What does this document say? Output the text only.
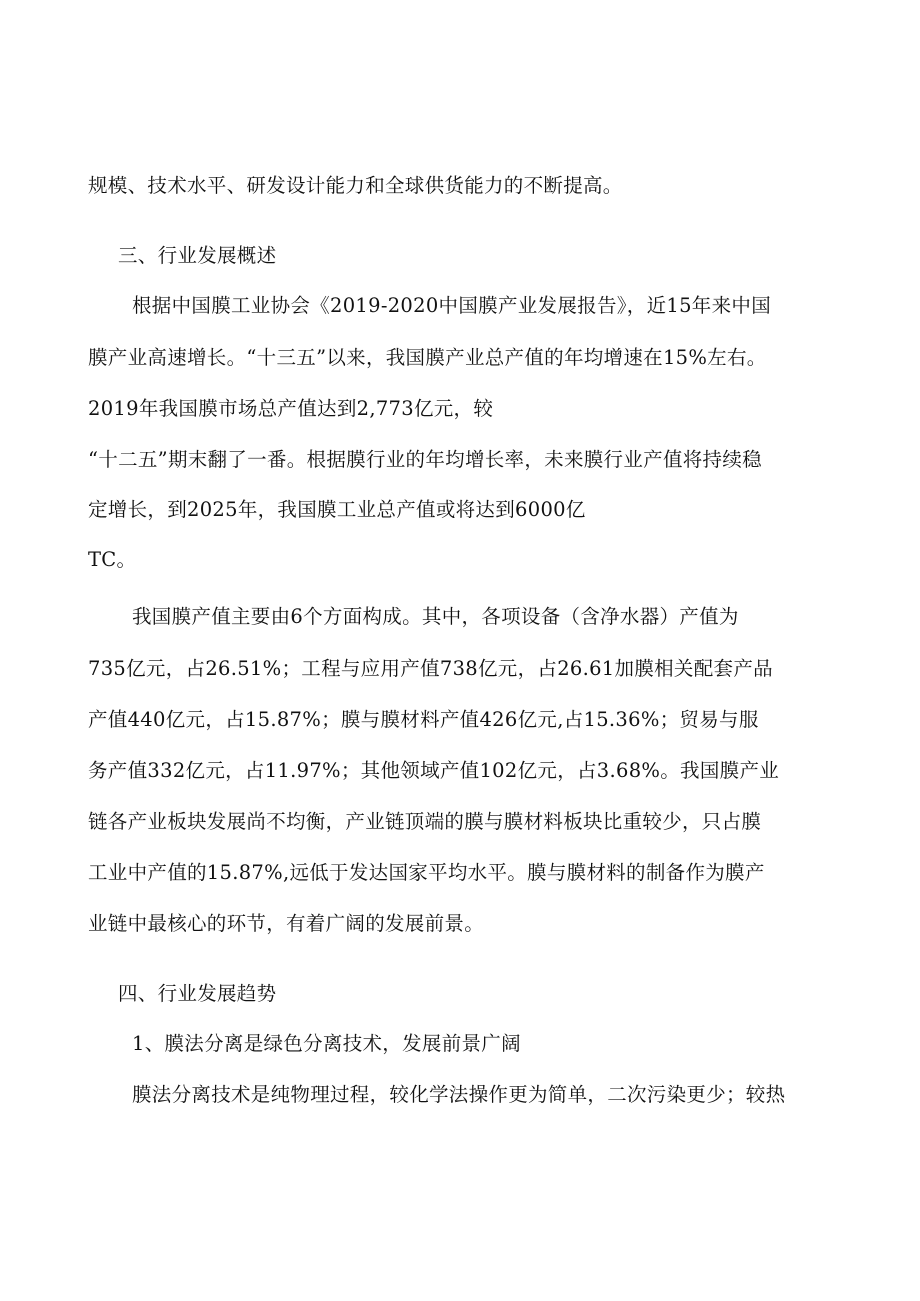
规模、技术水平、研发设计能力和全球供货能力的不断提高。
三、行业发展概述
根据中国膜工业协会《2019-2020中国膜产业发展报告》，近15年来中国
膜产业高速增长。“十三五”以来，我国膜产业总产值的年均增速在15%左右。
2019年我国膜市场总产值达到2,773亿元，较
“十二五”期末翻了一番。根据膜行业的年均增长率，未来膜行业产值将持续稳
定增长，到2025年，我国膜工业总产值或将达到6000亿
TC。
我国膜产值主要由6个方面构成。其中，各项设备（含净水器）产值为
735亿元，占26.51%；工程与应用产值738亿元，占26.61加膜相关配套产品
产值440亿元，占15.87%；膜与膜材料产值426亿元,占15.36%；贸易与服
务产值332亿元，占11.97%；其他领域产值102亿元，占3.68%。我国膜产业
链各产业板块发展尚不均衡，产业链顶端的膜与膜材料板块比重较少，只占膜
工业中产值的15.87%,远低于发达国家平均水平。膜与膜材料的制备作为膜产
业链中最核心的环节，有着广阔的发展前景。
四、行业发展趋势
1、膜法分离是绿色分离技术，发展前景广阔
膜法分离技术是纯物理过程，较化学法操作更为简单，二次污染更少；较热
